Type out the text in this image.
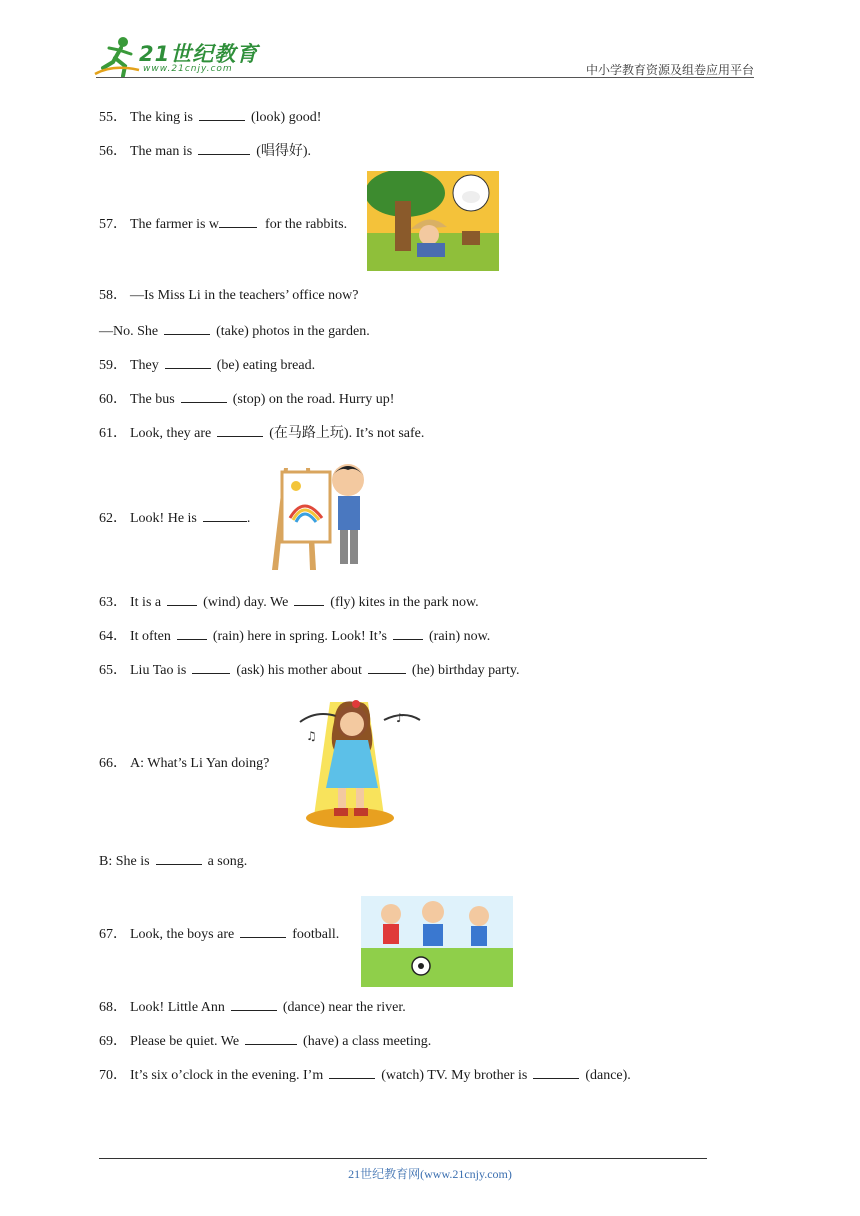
21世纪教育
www.21cnjy.com	中小学教育资源及组卷应用平台
55． The king is	(look) good!
56． The man is	(唱得好).
57． The farmer is w	for the rabbits.
58． —Is Miss Li in the teachers’ office now?
—No. She	(take) photos in the garden.
59． They	(be) eating bread.
60． The bus	(stop) on the road. Hurry up!
61． Look, they are	(在马路上玩). It’s not safe.
62． Look! He is	.
63． It is a	(wind) day. We	(fly) kites in the park now.
64． It often	(rain) here in spring. Look! It’s	(rain) now.
65． Liu Tao is	(ask) his mother about	(he) birthday party.
66． A: What’s Li Yan doing?
♪
♫
B: She is	a song.
67． Look, the boys are	football.
68． Look! Little Ann	(dance) near the river.
69． Please be quiet. We	(have) a class meeting.
70． It’s six o’clock in the evening. I’m	(watch) TV. My brother is	(dance).
21世纪教育网(www.21cnjy.com)
